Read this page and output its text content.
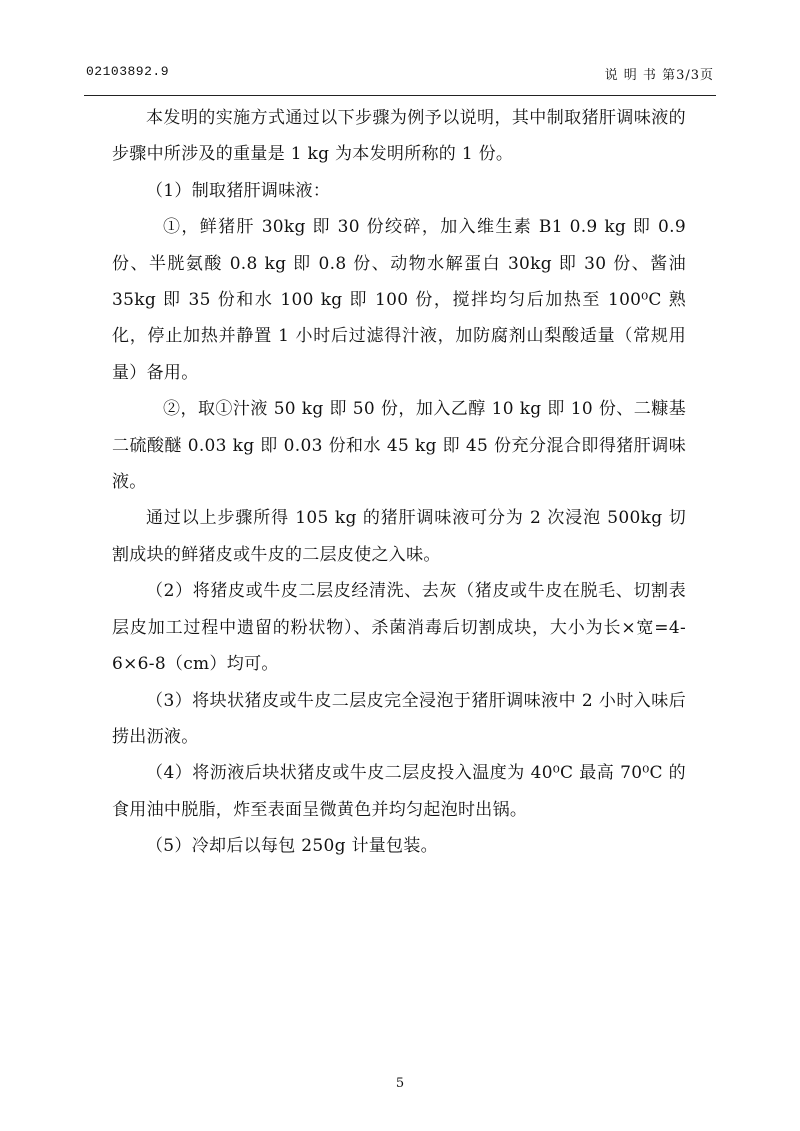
02103892.9	说 明 书 第3/3页

本发明的实施方式通过以下步骤为例予以说明，其中制取猪肝调味液的步骤中所涉及的重量是 1 kg 为本发明所称的 1 份。

（1）制取猪肝调味液：

①，鲜猪肝 30kg 即 30 份绞碎，加入维生素 B1 0.9 kg 即 0.9 份、半胱氨酸 0.8 kg 即 0.8 份、动物水解蛋白 30kg 即 30 份、酱油 35kg 即 35 份和水 100 kg 即 100 份，搅拌均匀后加热至 100⁰C 熟化，停止加热并静置 1 小时后过滤得汁液，加防腐剂山梨酸适量（常规用量）备用。

②，取①汁液 50 kg 即 50 份，加入乙醇 10 kg 即 10 份、二糠基二硫酸醚 0.03 kg 即 0.03 份和水 45 kg 即 45 份充分混合即得猪肝调味液。

通过以上步骤所得 105 kg 的猪肝调味液可分为 2 次浸泡 500kg 切割成块的鲜猪皮或牛皮的二层皮使之入味。

（2）将猪皮或牛皮二层皮经清洗、去灰（猪皮或牛皮在脱毛、切割表层皮加工过程中遗留的粉状物）、杀菌消毒后切割成块，大小为长×宽=4-6×6-8（cm）均可。

（3）将块状猪皮或牛皮二层皮完全浸泡于猪肝调味液中 2 小时入味后捞出沥液。

（4）将沥液后块状猪皮或牛皮二层皮投入温度为 40⁰C 最高 70⁰C 的食用油中脱脂，炸至表面呈微黄色并均匀起泡时出锅。

（5）冷却后以每包 250g 计量包装。

5
